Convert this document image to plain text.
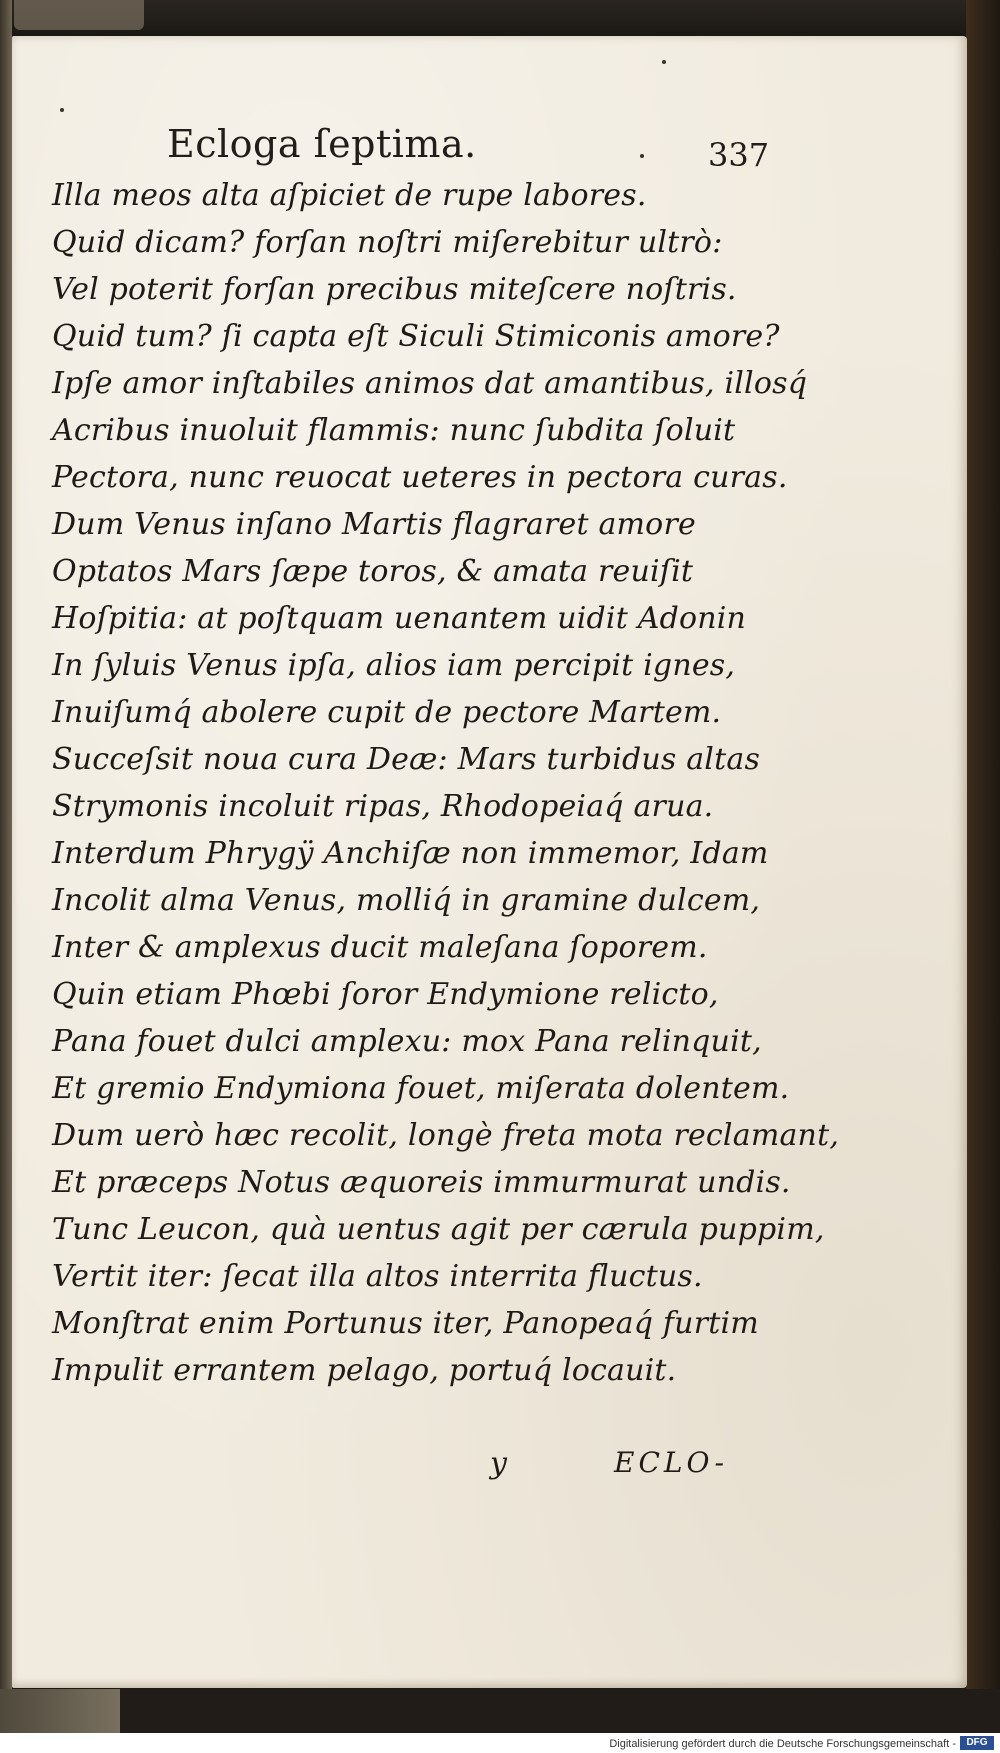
Ecloga ſeptima.	337
Illa meos alta aſpiciet de rupe labores.
Quid dicam? forſan noſtri miſerebitur ultrò:
Vel poterit forſan precibus miteſcere noſtris.
Quid tum? ſi capta eſt Siculi Stimiconis amore?
Ipſe amor inſtabiles animos dat amantibus, illosq́
Acribus inuoluit flammis: nunc ſubdita ſoluit
Pectora, nunc reuocat ueteres in pectora curas.
Dum Venus inſano Martis flagraret amore
Optatos Mars ſæpe toros, & amata reuiſit
Hoſpitia: at poſtquam uenantem uidit Adonin
In ſyluis Venus ipſa, alios iam percipit ignes,
Inuiſumq́ abolere cupit de pectore Martem.
Succeſsit noua cura Deæ: Mars turbidus altas
Strymonis incoluit ripas, Rhodopeiaq́ arua.
Interdum Phrygÿ Anchiſæ non immemor, Idam
Incolit alma Venus, molliq́ in gramine dulcem,
Inter & amplexus ducit maleſana ſoporem.
Quin etiam Phœbi ſoror Endymione relicto,
Pana fouet dulci amplexu: mox Pana relinquit,
Et gremio Endymiona fouet, miſerata dolentem.
Dum uerò hæc recolit, longè freta mota reclamant,
Et præceps Notus æquoreis immurmurat undis.
Tunc Leucon, quà uentus agit per cærula puppim,
Vertit iter: ſecat illa altos interrita fluctus.
Monſtrat enim Portunus iter, Panopeaq́ furtim
Impulit errantem pelago, portuq́ locauit.
y	ECLO-
Digitalisierung gefördert durch die Deutsche Forschungsgemeinschaft -	DFG
